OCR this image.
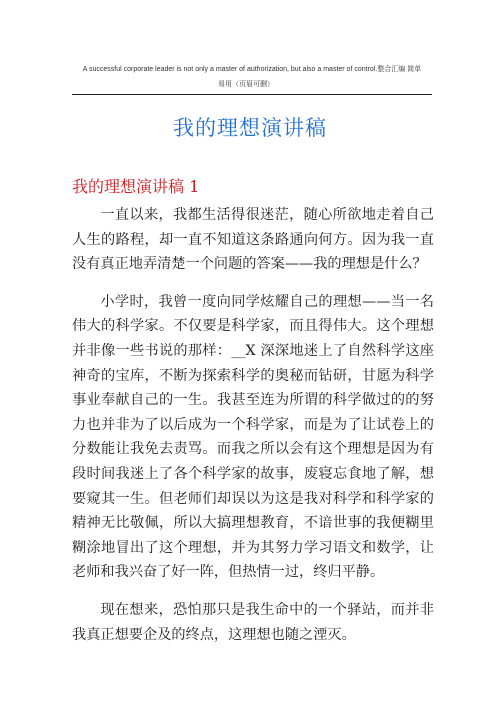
A successful corporate leader is not only a master of authorization, but also a master of control.整合汇编 简单
易用（页眉可删）
我的理想演讲稿
我的理想演讲稿 1

一直以来，我都生活得很迷茫，随心所欲地走着自己人生的路程，却一直不知道这条路通向何方。因为我一直没有真正地弄清楚一个问题的答案——我的理想是什么？

小学时，我曾一度向同学炫耀自己的理想——当一名伟大的科学家。不仅要是科学家，而且得伟大。这个理想并非像一些书说的那样：__X 深深地迷上了自然科学这座神奇的宝库，不断为探索科学的奥秘而钻研，甘愿为科学事业奉献自己的一生。我甚至连为所谓的科学做过的的努力也并非为了以后成为一个科学家，而是为了让试卷上的分数能让我免去责骂。而我之所以会有这个理想是因为有段时间我迷上了各个科学家的故事，废寝忘食地了解，想要窥其一生。但老师们却误以为这是我对科学和科学家的精神无比敬佩，所以大搞理想教育，不谙世事的我便糊里糊涂地冒出了这个理想，并为其努力学习语文和数学，让老师和我兴奋了好一阵，但热情一过，终归平静。

现在想来，恐怕那只是我生命中的一个驿站，而并非我真正想要企及的终点，这理想也随之湮灭。
